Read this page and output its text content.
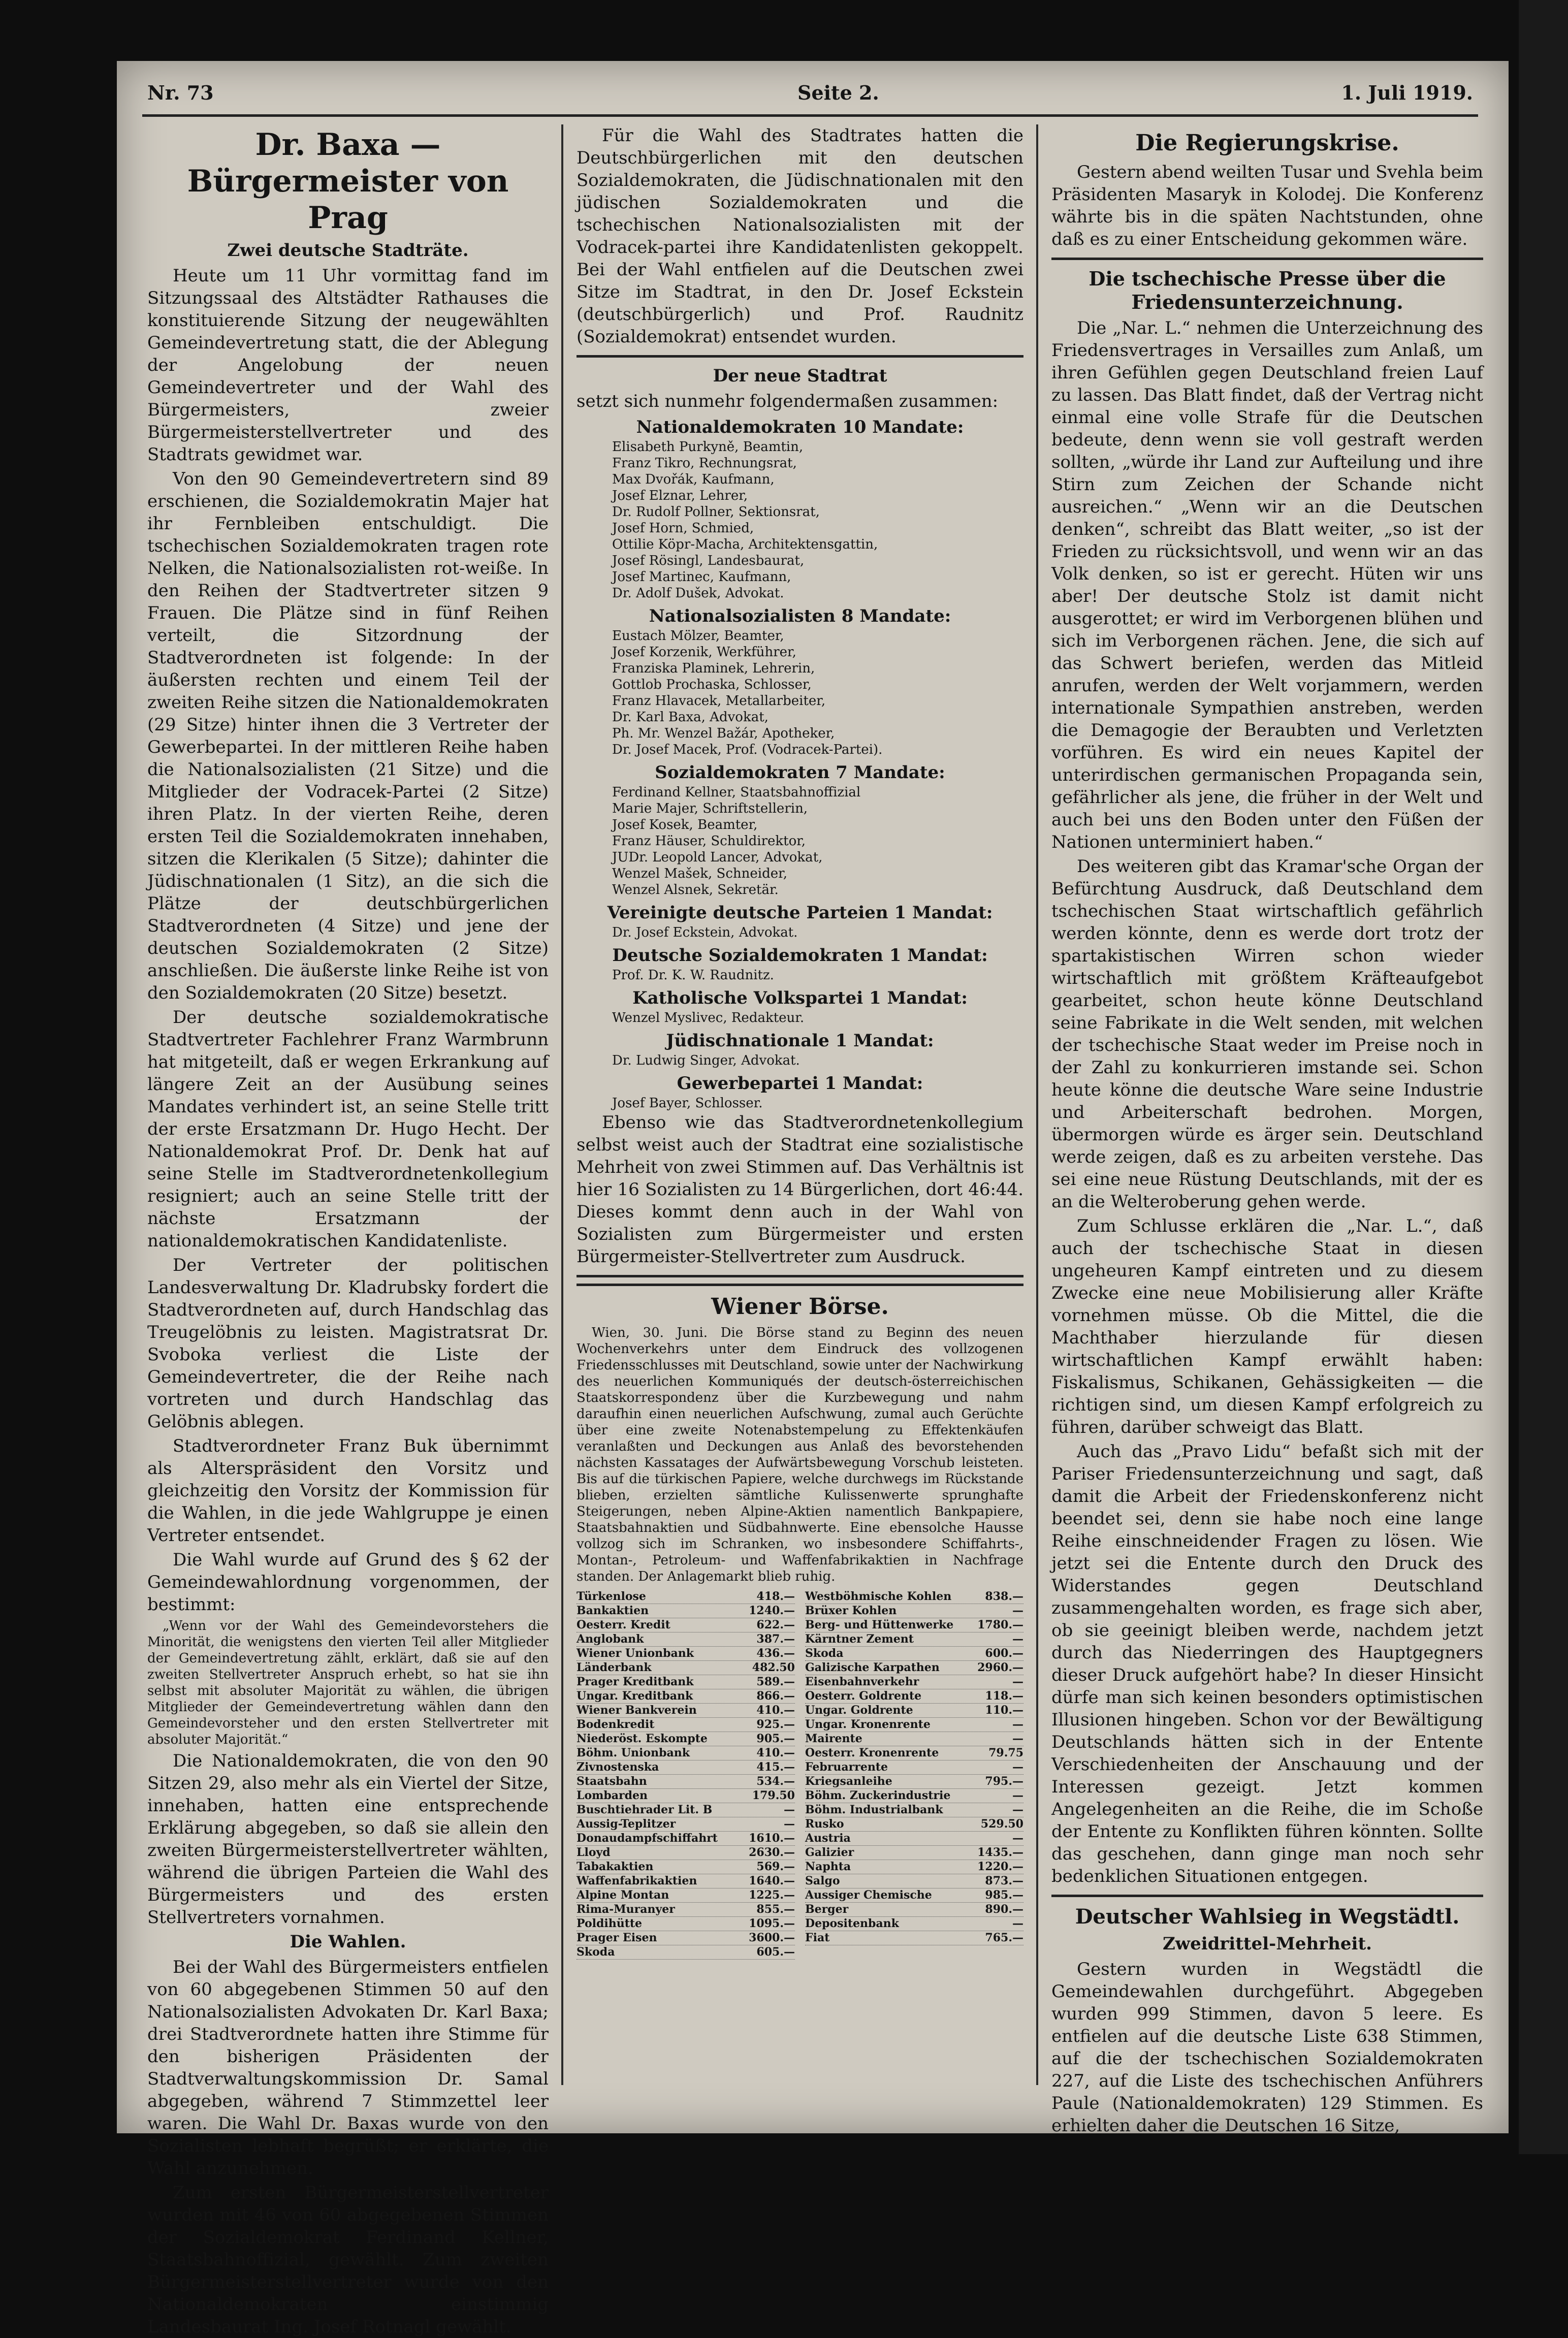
Nr. 73	Seite 2.	1. Juli 1919.
Dr. Baxa — Bürgermeister von Prag
Zwei deutsche Stadträte.

Heute um 11 Uhr vormittag fand im Sitzungssaal des Altstädter Rathauses die konstituierende Sitzung der neugewählten Gemeindevertretung statt, die der Ablegung der Angelobung der neuen Gemeindevertreter und der Wahl des Bürgermeisters, zweier Bürgermeisterstellvertreter und des Stadtrats gewidmet war.

Von den 90 Gemeindevertretern sind 89 erschienen, die Sozialdemokratin Majer hat ihr Fernbleiben entschuldigt. Die tschechischen Sozialdemokraten tragen rote Nelken, die Nationalsozialisten rot-weiße. In den Reihen der Stadtvertreter sitzen 9 Frauen. Die Plätze sind in fünf Reihen verteilt, die Sitzordnung der Stadtverordneten ist folgende: In der äußersten rechten und einem Teil der zweiten Reihe sitzen die Nationaldemokraten (29 Sitze) hinter ihnen die 3 Vertreter der Gewerbepartei. In der mittleren Reihe haben die Nationalsozialisten (21 Sitze) und die Mitglieder der Vodracek-Partei (2 Sitze) ihren Platz. In der vierten Reihe, deren ersten Teil die Sozialdemokraten innehaben, sitzen die Klerikalen (5 Sitze); dahinter die Jüdischnationalen (1 Sitz), an die sich die Plätze der deutschbürgerlichen Stadtverordneten (4 Sitze) und jene der deutschen Sozialdemokraten (2 Sitze) anschließen. Die äußerste linke Reihe ist von den Sozialdemokraten (20 Sitze) besetzt.

Der deutsche sozialdemokratische Stadtvertreter Fachlehrer Franz Warmbrunn hat mitgeteilt, daß er wegen Erkrankung auf längere Zeit an der Ausübung seines Mandates verhindert ist, an seine Stelle tritt der erste Ersatzmann Dr. Hugo Hecht. Der Nationaldemokrat Prof. Dr. Denk hat auf seine Stelle im Stadtverordnetenkollegium resigniert; auch an seine Stelle tritt der nächste Ersatzmann der nationaldemokratischen Kandidatenliste.

Der Vertreter der politischen Landesverwaltung Dr. Kladrubsky fordert die Stadtverordneten auf, durch Handschlag das Treugelöbnis zu leisten. Magistratsrat Dr. Svoboka verliest die Liste der Gemeindevertreter, die der Reihe nach vortreten und durch Handschlag das Gelöbnis ablegen.

Stadtverordneter Franz Buk übernimmt als Alterspräsident den Vorsitz und gleichzeitig den Vorsitz der Kommission für die Wahlen, in die jede Wahlgruppe je einen Vertreter entsendet.

Die Wahl wurde auf Grund des § 62 der Gemeindewahlordnung vorgenommen, der bestimmt:

„Wenn vor der Wahl des Gemeindevorstehers die Minorität, die wenigstens den vierten Teil aller Mitglieder der Gemeindevertretung zählt, erklärt, daß sie auf den zweiten Stellvertreter Anspruch erhebt, so hat sie ihn selbst mit absoluter Majorität zu wählen, die übrigen Mitglieder der Gemeindevertretung wählen dann den Gemeindevorsteher und den ersten Stellvertreter mit absoluter Majorität.“

Die Nationaldemokraten, die von den 90 Sitzen 29, also mehr als ein Viertel der Sitze, innehaben, hatten eine entsprechende Erklärung abgegeben, so daß sie allein den zweiten Bürgermeisterstellvertreter wählten, während die übrigen Parteien die Wahl des Bürgermeisters und des ersten Stellvertreters vornahmen.

Die Wahlen.

Bei der Wahl des Bürgermeisters entfielen von 60 abgegebenen Stimmen 50 auf den Nationalsozialisten Advokaten Dr. Karl Baxa; drei Stadtverordnete hatten ihre Stimme für den bisherigen Präsidenten der Stadtverwaltungskommission Dr. Samal abgegeben, während 7 Stimmzettel leer waren. Die Wahl Dr. Baxas wurde von den Sozialisten lebhaft begrüßt; er erklärte, die Wahl anzunehmen.

Zum ersten Bürgermeisterstellvertreter wurden mit 46 von 60 abgegebenen Stimmen der Sozialdemokrat Ferdinand Kellner, Staatsbahnoffizial, gewählt. Zum zweiten Bürgermeisterstellvertreter wurde von den Nationaldemokraten einstimmig Landesbaurat Ing. Josef Rotnagl gewählt.

Für die Wahl des Stadtrates hatten die Deutschbürgerlichen mit den deutschen Sozialdemokraten, die Jüdischnationalen mit den jüdischen Sozialdemokraten und die tschechischen Nationalsozialisten mit der Vodracek-partei ihre Kandidatenlisten gekoppelt. Bei der Wahl entfielen auf die Deutschen zwei Sitze im Stadtrat, in den Dr. Josef Eckstein (deutschbürgerlich) und Prof. Raudnitz (Sozialdemokrat) entsendet wurden.

Der neue Stadtrat

setzt sich nunmehr folgendermaßen zusammen:

Nationaldemokraten 10 Mandate:
Elisabeth Purkyně, Beamtin,
Franz Tikro, Rechnungsrat,
Max Dvořák, Kaufmann,
Josef Elznar, Lehrer,
Dr. Rudolf Pollner, Sektionsrat,
Josef Horn, Schmied,
Ottilie Köpr-Macha, Architektensgattin,
Josef Rösingl, Landesbaurat,
Josef Martinec, Kaufmann,
Dr. Adolf Dušek, Advokat.
Nationalsozialisten 8 Mandate:
Eustach Mölzer, Beamter,
Josef Korzenik, Werkführer,
Franziska Plaminek, Lehrerin,
Gottlob Prochaska, Schlosser,
Franz Hlavacek, Metallarbeiter,
Dr. Karl Baxa, Advokat,
Ph. Mr. Wenzel Bažár, Apotheker,
Dr. Josef Macek, Prof. (Vodracek-Partei).
Sozialdemokraten 7 Mandate:
Ferdinand Kellner, Staatsbahnoffizial
Marie Majer, Schriftstellerin,
Josef Kosek, Beamter,
Franz Häuser, Schuldirektor,
JUDr. Leopold Lancer, Advokat,
Wenzel Mašek, Schneider,
Wenzel Alsnek, Sekretär.
Vereinigte deutsche Parteien 1 Mandat:
Dr. Josef Eckstein, Advokat.
Deutsche Sozialdemokraten 1 Mandat:
Prof. Dr. K. W. Raudnitz.
Katholische Volkspartei 1 Mandat:
Wenzel Myslivec, Redakteur.
Jüdischnationale 1 Mandat:
Dr. Ludwig Singer, Advokat.
Gewerbepartei 1 Mandat:
Josef Bayer, Schlosser.

Ebenso wie das Stadtverordnetenkollegium selbst weist auch der Stadtrat eine sozialistische Mehrheit von zwei Stimmen auf. Das Verhältnis ist hier 16 Sozialisten zu 14 Bürgerlichen, dort 46:44. Dieses kommt denn auch in der Wahl von Sozialisten zum Bürgermeister und ersten Bürgermeister-Stellvertreter zum Ausdruck.

Wiener Börse.

Wien, 30. Juni. Die Börse stand zu Beginn des neuen Wochenverkehrs unter dem Eindruck des vollzogenen Friedensschlusses mit Deutschland, sowie unter der Nachwirkung des neuerlichen Kommuniqués der deutsch-österreichischen Staatskorrespondenz über die Kurzbewegung und nahm daraufhin einen neuerlichen Aufschwung, zumal auch Gerüchte über eine zweite Notenabstempelung zu Effektenkäufen veranlaßten und Deckungen aus Anlaß des bevorstehenden nächsten Kassatages der Aufwärtsbewegung Vorschub leisteten. Bis auf die türkischen Papiere, welche durchwegs im Rückstande blieben, erzielten sämtliche Kulissenwerte sprunghafte Steigerungen, neben Alpine-Aktien namentlich Bankpapiere, Staatsbahnaktien und Südbahnwerte. Eine ebensolche Hausse vollzog sich im Schranken, wo insbesondere Schiffahrts-, Montan-, Petroleum- und Waffenfabrikaktien in Nachfrage standen. Der Anlagemarkt blieb ruhig.

Türkenlose	418.—
Bankaktien	1240.—
Oesterr. Kredit	622.—
Anglobank	387.—
Wiener Unionbank	436.—
Länderbank	482.50
Prager Kreditbank	589.—
Ungar. Kreditbank	866.—
Wiener Bankverein	410.—
Bodenkredit	925.—
Niederöst. Eskompte	905.—
Böhm. Unionbank	410.—
Zivnostenska	415.—
Staatsbahn	534.—
Lombarden	179.50
Buschtiehrader Lit. B	—
Aussig-Teplitzer	—
Donaudampfschiffahrt	1610.—
Lloyd	2630.—
Tabakaktien	569.—
Waffenfabrikaktien	1640.—
Alpine Montan	1225.—
Rima-Muranyer	855.—
Poldihütte	1095.—
Prager Eisen	3600.—
Skoda	605.—
Westböhmische Kohlen	838.—
Brüxer Kohlen	—
Berg- und Hüttenwerke 1780.—
Kärntner Zement	—
Skoda	600.—
Galizische Karpathen	2960.—
Eisenbahnverkehr	—
Oesterr. Goldrente	118.—
Ungar. Goldrente	110.—
Ungar. Kronenrente	—
Mairente	—
Oesterr. Kronenrente	79.75
Februarrente	—
Kriegsanleihe	795.—
Böhm. Zuckerindustrie	—
Böhm. Industrialbank	—
Rusko	529.50
Austria	—
Galizier	1435.—
Naphta	1220.—
Salgo	873.—
Aussiger Chemische	985.—
Berger	890.—
Depositenbank	—
Fiat	765.—
Die Regierungskrise.

Gestern abend weilten Tusar und Svehla beim Präsidenten Masaryk in Kolodej. Die Konferenz währte bis in die späten Nachtstunden, ohne daß es zu einer Entscheidung gekommen wäre.

Die tschechische Presse über die Friedensunterzeichnung.

Die „Nar. L.“ nehmen die Unterzeichnung des Friedensvertrages in Versailles zum Anlaß, um ihren Gefühlen gegen Deutschland freien Lauf zu lassen. Das Blatt findet, daß der Vertrag nicht einmal eine volle Strafe für die Deutschen bedeute, denn wenn sie voll gestraft werden sollten, „würde ihr Land zur Aufteilung und ihre Stirn zum Zeichen der Schande nicht ausreichen.“ „Wenn wir an die Deutschen denken“, schreibt das Blatt weiter, „so ist der Frieden zu rücksichtsvoll, und wenn wir an das Volk denken, so ist er gerecht. Hüten wir uns aber! Der deutsche Stolz ist damit nicht ausgerottet; er wird im Verborgenen blühen und sich im Verborgenen rächen. Jene, die sich auf das Schwert beriefen, werden das Mitleid anrufen, werden der Welt vorjammern, werden internationale Sympathien anstreben, werden die Demagogie der Beraubten und Verletzten vorführen. Es wird ein neues Kapitel der unterirdischen germanischen Propaganda sein, gefährlicher als jene, die früher in der Welt und auch bei uns den Boden unter den Füßen der Nationen unterminiert haben.“

Des weiteren gibt das Kramar'sche Organ der Befürchtung Ausdruck, daß Deutschland dem tschechischen Staat wirtschaftlich gefährlich werden könnte, denn es werde dort trotz der spartakistischen Wirren schon wieder wirtschaftlich mit größtem Kräfteaufgebot gearbeitet, schon heute könne Deutschland seine Fabrikate in die Welt senden, mit welchen der tschechische Staat weder im Preise noch in der Zahl zu konkurrieren imstande sei. Schon heute könne die deutsche Ware seine Industrie und Arbeiterschaft bedrohen. Morgen, übermorgen würde es ärger sein. Deutschland werde zeigen, daß es zu arbeiten verstehe. Das sei eine neue Rüstung Deutschlands, mit der es an die Welteroberung gehen werde.

Zum Schlusse erklären die „Nar. L.“, daß auch der tschechische Staat in diesen ungeheuren Kampf eintreten und zu diesem Zwecke eine neue Mobilisierung aller Kräfte vornehmen müsse. Ob die Mittel, die die Machthaber hierzulande für diesen wirtschaftlichen Kampf erwählt haben: Fiskalismus, Schikanen, Gehässigkeiten — die richtigen sind, um diesen Kampf erfolgreich zu führen, darüber schweigt das Blatt.

Auch das „Pravo Lidu“ befaßt sich mit der Pariser Friedensunterzeichnung und sagt, daß damit die Arbeit der Friedenskonferenz nicht beendet sei, denn sie habe noch eine lange Reihe einschneidender Fragen zu lösen. Wie jetzt sei die Entente durch den Druck des Widerstandes gegen Deutschland zusammengehalten worden, es frage sich aber, ob sie geeinigt bleiben werde, nachdem jetzt durch das Niederringen des Hauptgegners dieser Druck aufgehört habe? In dieser Hinsicht dürfe man sich keinen besonders optimistischen Illusionen hingeben. Schon vor der Bewältigung Deutschlands hätten sich in der Entente Verschiedenheiten der Anschauung und der Interessen gezeigt. Jetzt kommen Angelegenheiten an die Reihe, die im Schoße der Entente zu Konflikten führen könnten. Sollte das geschehen, dann ginge man noch sehr bedenklichen Situationen entgegen.

Deutscher Wahlsieg in Wegstädtl.
Zweidrittel-Mehrheit.

Gestern wurden in Wegstädtl die Gemeindewahlen durchgeführt. Abgegeben wurden 999 Stimmen, davon 5 leere. Es entfielen auf die deutsche Liste 638 Stimmen, auf die der tschechischen Sozialdemokraten 227, auf die Liste des tschechischen Anführers Paule (Nationaldemokraten) 129 Stimmen. Es erhielten daher die Deutschen 16 Sitze,
